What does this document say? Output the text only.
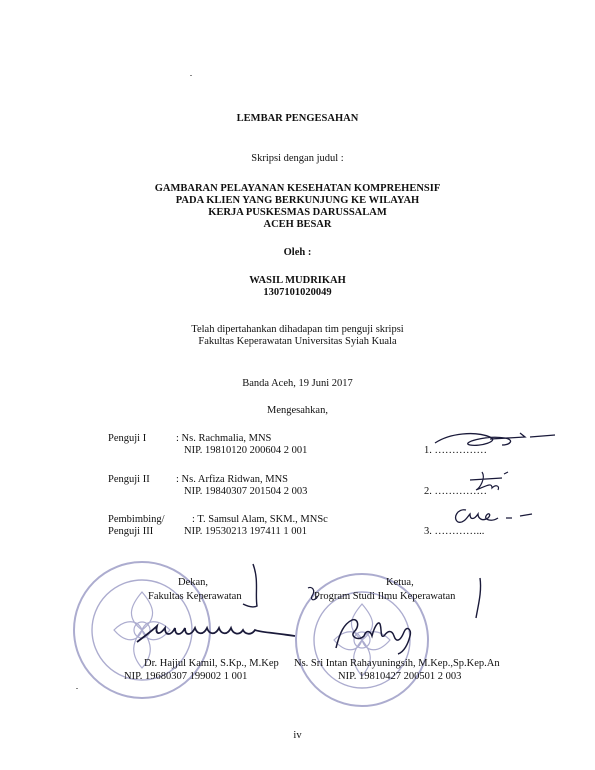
LEMBAR PENGESAHAN
Skripsi dengan judul :
GAMBARAN PELAYANAN KESEHATAN KOMPREHENSIF
PADA KLIEN YANG BERKUNJUNG KE WILAYAH
KERJA PUSKESMAS DARUSSALAM
ACEH BESAR
Oleh :
WASIL MUDRIKAH
1307101020049
Telah dipertahankan dihadapan tim penguji skripsi
Fakultas Keperawatan Universitas Syiah Kuala
Banda Aceh, 19 Juni 2017
Mengesahkan,
Penguji I	: Ns. Rachmalia, MNS
NIP. 19810120 200604 2 001	1. ……………
Penguji II	: Ns. Arfiza Ridwan, MNS
NIP. 19840307 201504 2 003	2. ……………
Pembimbing/
Penguji III
: T. Samsul Alam, SKM., MNSc
NIP. 19530213 197411 1 001	3. …………...
Dekan,
Fakultas Keperawatan
Dr. Hajjul Kamil, S.Kp., M.Kep
NIP. 19680307 199002 1 001
Ketua,
Program Studi Ilmu Keperawatan
Ns. Sri Intan Rahayuningsih, M.Kep.,Sp.Kep.An
NIP. 19810427 200501 2 003
iv
